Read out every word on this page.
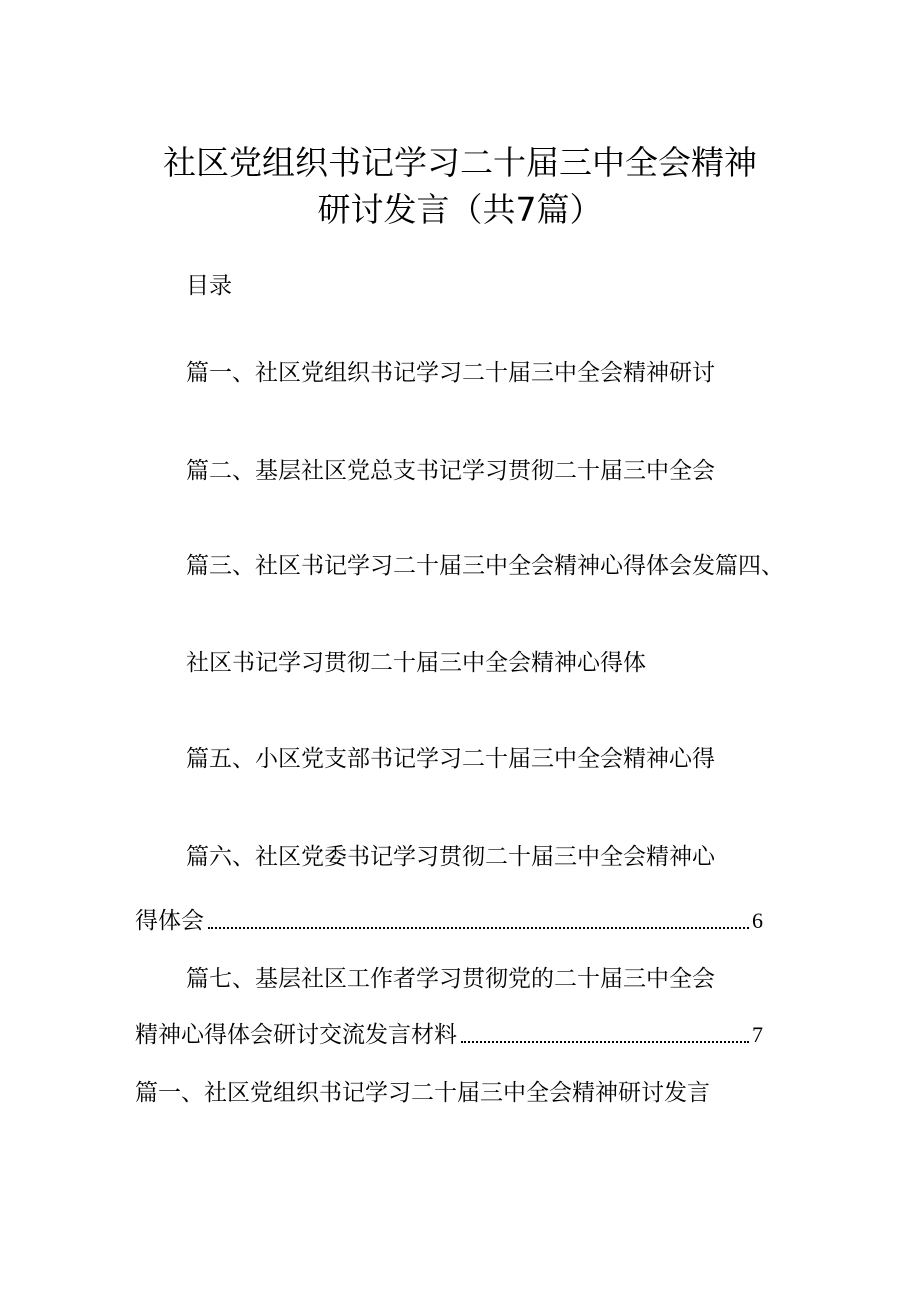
社区党组织书记学习二十届三中全会精神
研讨发言（共7篇）
目录
篇一、社区党组织书记学习二十届三中全会精神研讨
篇二、基层社区党总支书记学习贯彻二十届三中全会
篇三、社区书记学习二十届三中全会精神心得体会发篇四、
社区书记学习贯彻二十届三中全会精神心得体
篇五、小区党支部书记学习二十届三中全会精神心得
篇六、社区党委书记学习贯彻二十届三中全会精神心
得体会	6
篇七、基层社区工作者学习贯彻党的二十届三中全会
精神心得体会研讨交流发言材料	7
篇一、社区党组织书记学习二十届三中全会精神研讨发言
